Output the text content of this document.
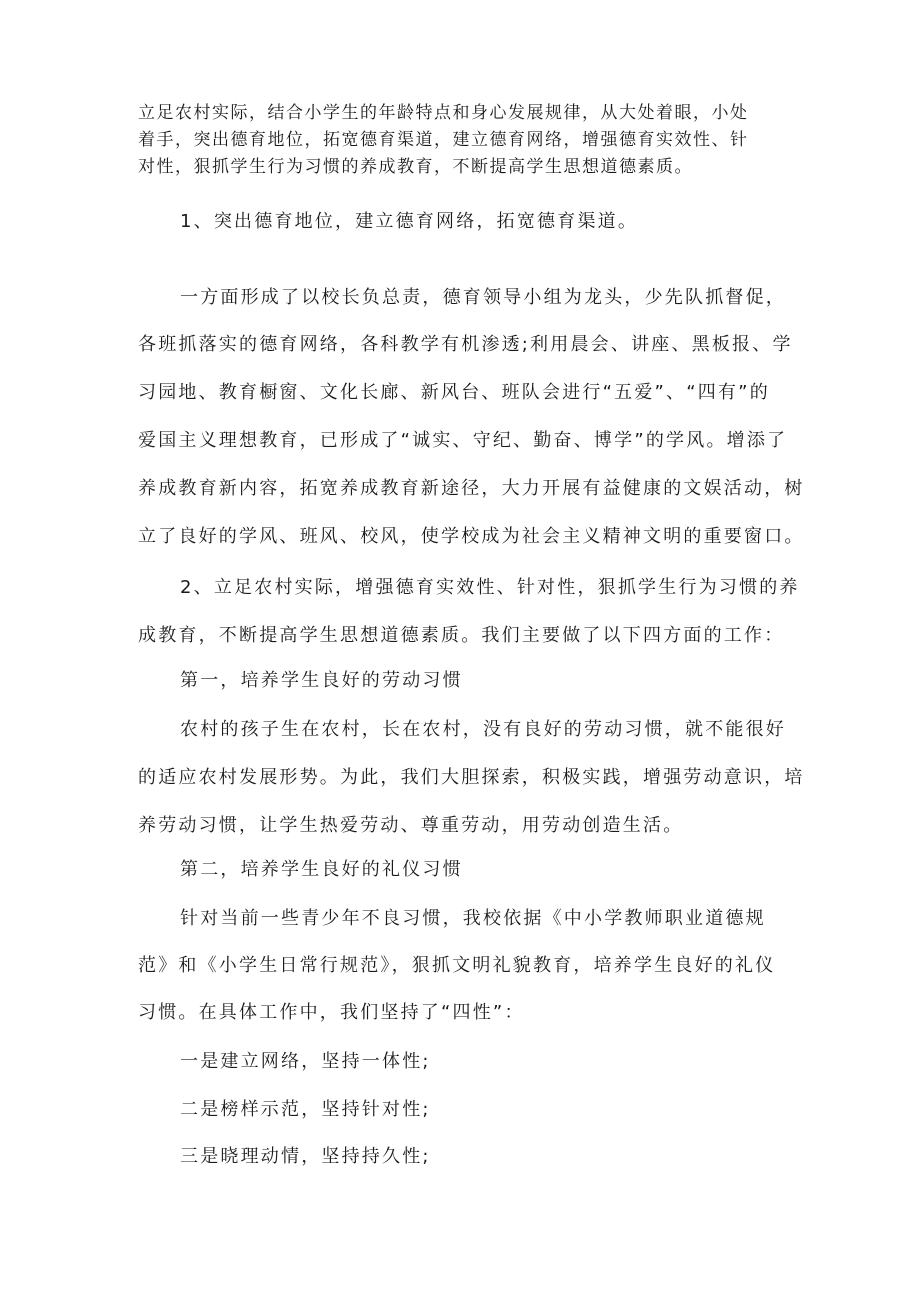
立足农村实际，结合小学生的年龄特点和身心发展规律，从大处着眼，小处
着手，突出德育地位，拓宽德育渠道，建立德育网络，增强德育实效性、针
对性，狠抓学生行为习惯的养成教育，不断提高学生思想道德素质。
1、突出德育地位，建立德育网络，拓宽德育渠道。
一方面形成了以校长负总责，德育领导小组为龙头，少先队抓督促，
各班抓落实的德育网络，各科教学有机渗透;利用晨会、讲座、黑板报、学
习园地、教育橱窗、文化长廊、新风台、班队会进行“五爱”、“四有”的
爱国主义理想教育，已形成了“诚实、守纪、勤奋、博学”的学风。增添了
养成教育新内容，拓宽养成教育新途径，大力开展有益健康的文娱活动，树
立了良好的学风、班风、校风，使学校成为社会主义精神文明的重要窗口。
2、立足农村实际，增强德育实效性、针对性，狠抓学生行为习惯的养
成教育，不断提高学生思想道德素质。我们主要做了以下四方面的工作：
第一，培养学生良好的劳动习惯
农村的孩子生在农村，长在农村，没有良好的劳动习惯，就不能很好
的适应农村发展形势。为此，我们大胆探索，积极实践，增强劳动意识，培
养劳动习惯，让学生热爱劳动、尊重劳动，用劳动创造生活。
第二，培养学生良好的礼仪习惯
针对当前一些青少年不良习惯，我校依据《中小学教师职业道德规
范》和《小学生日常行规范》，狠抓文明礼貌教育，培养学生良好的礼仪
习惯。在具体工作中，我们坚持了“四性”：
一是建立网络，坚持一体性;
二是榜样示范，坚持针对性;
三是晓理动情，坚持持久性;
